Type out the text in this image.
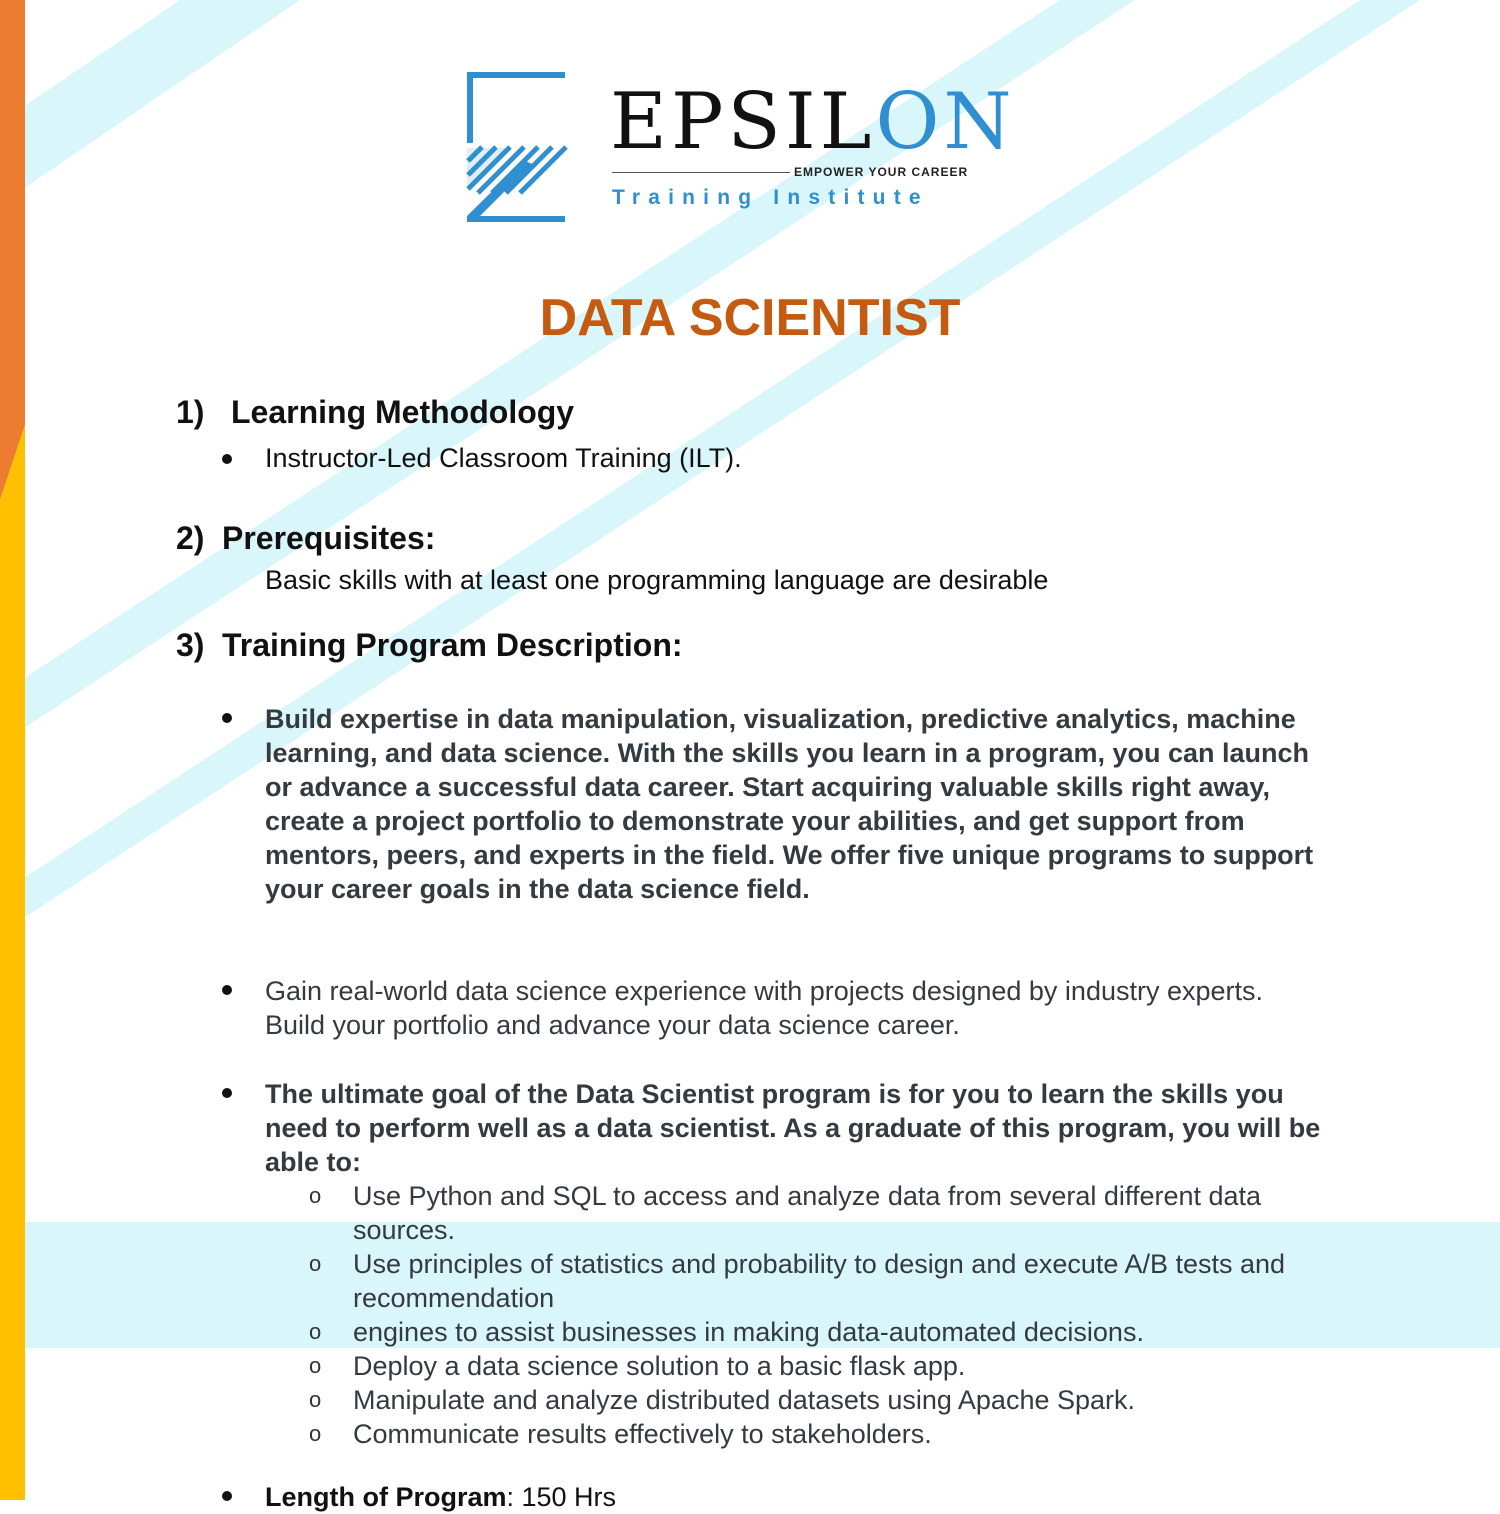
EPSILON
EMPOWER YOUR CAREER
Training Institute
DATA SCIENTIST
1) Learning Methodology
Instructor-Led Classroom Training (ILT).
2) Prerequisites:
Basic skills with at least one programming language are desirable
3) Training Program Description:
Build expertise in data manipulation, visualization, predictive analytics, machine learning, and data science. With the skills you learn in a program, you can launch or advance a successful data career. Start acquiring valuable skills right away, create a project portfolio to demonstrate your abilities, and get support from mentors, peers, and experts in the field. We offer five unique programs to support your career goals in the data science field.
Gain real-world data science experience with projects designed by industry experts. Build your portfolio and advance your data science career.
The ultimate goal of the Data Scientist program is for you to learn the skills you need to perform well as a data scientist. As a graduate of this program, you will be able to:
o Use Python and SQL to access and analyze data from several different data sources.
o Use principles of statistics and probability to design and execute A/B tests and recommendation
o engines to assist businesses in making data-automated decisions.
o Deploy a data science solution to a basic flask app.
o Manipulate and analyze distributed datasets using Apache Spark.
o Communicate results effectively to stakeholders.
Length of Program: 150 Hrs
